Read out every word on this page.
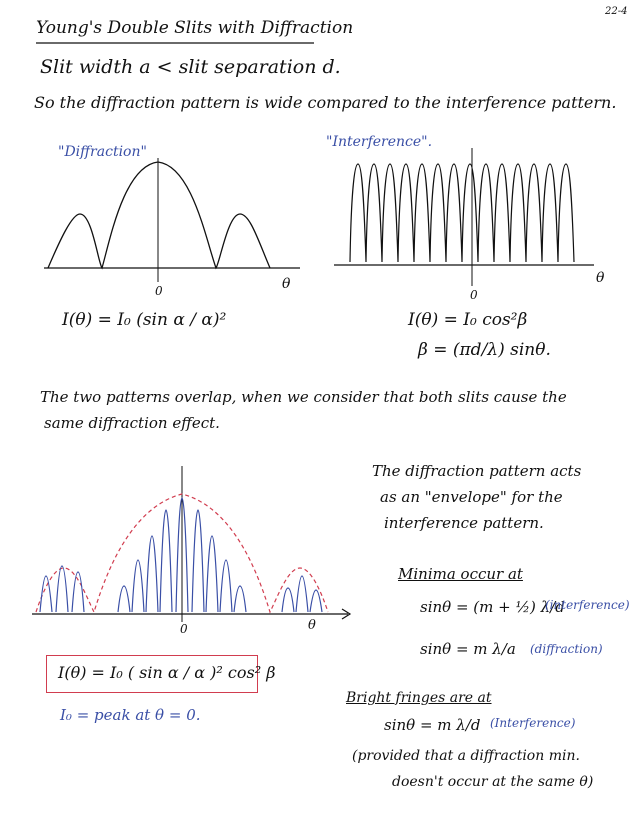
22-4
Young's Double Slits with Diffraction
Slit width a < slit separation d.
So the diffraction pattern is wide compared to the interference pattern.
"Diffraction"
0	θ
I(θ) = I₀ (sin α / α)²
"Interference".
0
θ
I(θ) = I₀ cos²β
β = (πd/λ) sinθ.
The two patterns overlap, when we consider that both slits cause the
same diffraction effect.
0	θ
I(θ) = I₀ ( sin α / α )² cos² β
I₀ = peak at θ = 0.
The diffraction pattern acts
as an "envelope" for the
interference pattern.
Minima occur at
sinθ = (m + ½) λ/d
(interference)
sinθ = m λ/a (diffraction)
Bright fringes are at
sinθ = m λ/d (Interference)
(provided that a diffraction min.
doesn't occur at the same θ)
